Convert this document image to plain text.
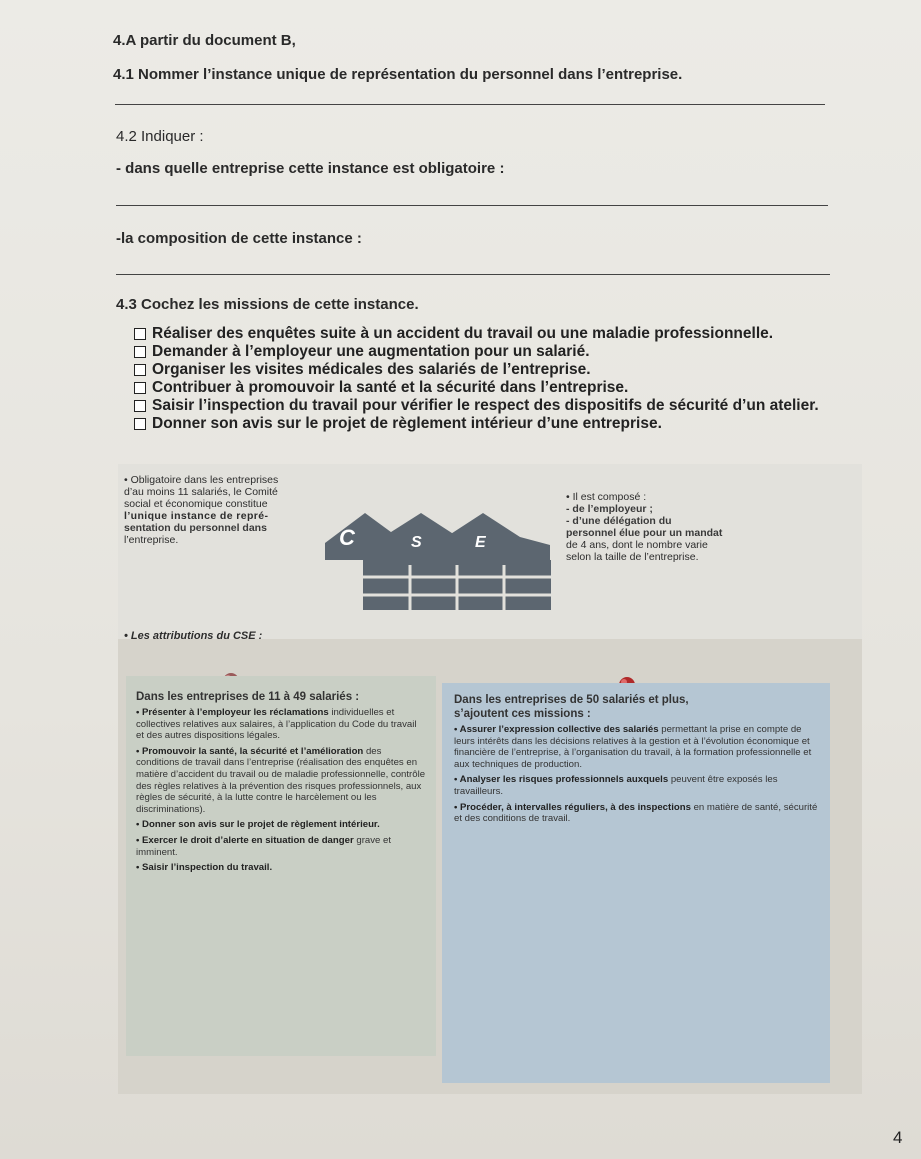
4.A partir du document B,
4.1 Nommer l’instance unique de représentation du personnel dans l’entreprise.
4.2 Indiquer :
- dans quelle entreprise cette instance est obligatoire :
-la composition de cette instance :
4.3 Cochez les missions de cette instance.
Réaliser des enquêtes suite à un accident du travail ou une maladie professionnelle.
Demander à l’employeur une augmentation pour un salarié.
Organiser les visites médicales des salariés de l’entreprise.
Contribuer à promouvoir la santé et la sécurité dans l’entreprise.
Saisir l’inspection du travail pour vérifier le respect des dispositifs de sécurité d’un atelier.
Donner son avis sur le projet de règlement intérieur d’une entreprise.
• Obligatoire dans les entreprises
d’au moins 11 salariés, le Comité
social et économique constitue
l’unique instance de repré-
sentation du personnel dans
l’entreprise.	C	S	E
• Il est composé :
- de l’employeur ;
- d’une délégation du
personnel élue pour un mandat
de 4 ans, dont le nombre varie
selon la taille de l’entreprise.
• Les attributions du CSE :
Dans les entreprises de 11 à 49 salariés :

• Présenter à l’employeur les réclamations individuelles et collectives relatives aux salaires, à l’application du Code du travail et des autres dispositions légales.

• Promouvoir la santé, la sécurité et l’amélioration des conditions de travail dans l’entreprise (réalisation des enquêtes en matière d’accident du travail ou de maladie professionnelle, contrôle des règles relatives à la prévention des risques professionnels, aux règles de sécurité, à la lutte contre le harcèlement ou les discriminations).

• Donner son avis sur le projet de règlement intérieur.

• Exercer le droit d’alerte en situation de danger grave et imminent.

• Saisir l’inspection du travail.

Dans les entreprises de 50 salariés et plus,
s’ajoutent ces missions :

• Assurer l’expression collective des salariés permettant la prise en compte de leurs intérêts dans les décisions relatives à la gestion et à l’évolution économique et financière de l’entreprise, à l’organisation du travail, à la formation professionnelle et aux techniques de production.

• Analyser les risques professionnels auxquels peuvent être exposés les travailleurs.

• Procéder, à intervalles réguliers, à des inspections en matière de santé, sécurité et des conditions de travail.

4
